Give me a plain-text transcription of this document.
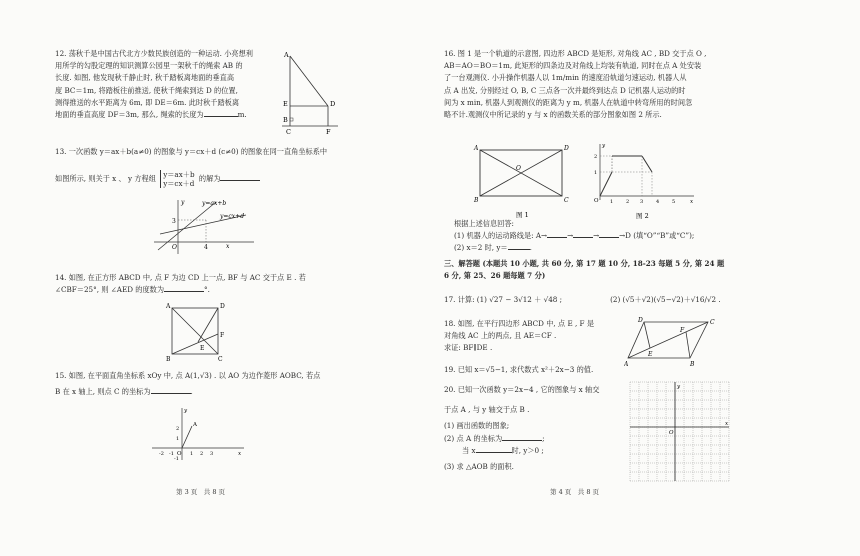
12. 荡秋千是中国古代北方少数民族创造的一种运动. 小亮想利
用所学的勾股定理的知识测算公园里一架秋千的绳索 AB 的
长度. 如图, 他发现秋千静止时, 秋千踏板离地面的垂直高
度 BC＝1m, 将踏板往前推送, 使秋千绳索到达 D 的位置,
测得推送的水平距离为 6m, 即 DE＝6m. 此时秋千踏板离
地面的垂直高度 DF＝3m, 那么, 绳索的长度为	m.
A
E	D
B
C	F
13. 一次函数 y＝ax＋b(a≠0) 的图象与 y＝cx＋d (c≠0) 的图象在同一直角坐标系中
如图所示, 则关于 x 、 y 方程组 y＝ax＋b
y＝cx＋d
的解为
y=ax+b
y=cx+d
3
4
O	x
y
14. 如图, 在正方形 ABCD 中, 点 F 为边 CD 上一点, BF 与 AC 交于点 E . 若
∠CBF＝25°, 则 ∠AED 的度数为	°.
A	D
F
E
B	C
15. 如图, 在平面直角坐标系 xOy 中, 点 A(1,√3) . 以 AO 为边作菱形 AOBC, 若点
B 在 x 轴上, 则点 C 的坐标为	.
y
x
A
O
-2 -1	1 2 3
2
1
-1
第 3 页　共 8 页
16. 图 1 是一个轨道的示意图, 四边形 ABCD 是矩形, 对角线 AC , BD 交于点 O ,
AB＝AO＝BO＝1m, 此矩形的四条边及对角线上均装有轨道, 同时在点 A 处安装
了一台观测仪. 小升操作机器人以 1m/min 的速度沿轨道匀速运动, 机器人从
点 A 出发, 分别经过 O, B, C 三点各一次并最终到达点 D 记机器人运动的时
间为 x min, 机器人到观测仪的距离为 y m, 机器人在轨道中转弯所用的时间忽
略不计.观测仪中所记录的 y 与 x 的函数关系的部分图象如图 2 所示.
A	D
O
B	C
图 1
y
O	x
1	2 3	4	5
2
1
图 2
根据上述信息回答:
(1) 机器人的运动路线是: A→	→	→	→D (填“O”“B”或“C”);
(2) x＝2 时, y＝	.
三、解答题 (本题共 10 小题, 共 60 分, 第 17 题 10 分, 18-23 每题 5 分, 第 24 题
6 分, 第 25、26 题每题 7 分)
17. 计算: (1) √27 − 3√12 ＋ √48 ;	(2) (√5＋√2)(√5−√2)＋√16/√2 .
18. 如图, 在平行四边形 ABCD 中, 点 E , F 是
对角线 AC 上的两点, 且 AE＝CF .
求证: BF∥DE .
D
F
C
A
E
B
19. 已知 x＝√5−1, 求代数式 x²＋2x−3 的值.
20. 已知一次函数 y＝2x−4 , 它的图象与 x 轴交
于点 A , 与 y 轴交于点 B .
(1) 画出函数的图象;
(2) 点 A 的坐标为	;
当 x	时, y＞0 ;
(3) 求 △AOB 的面积.
y
x
O
第 4 页　共 8 页
